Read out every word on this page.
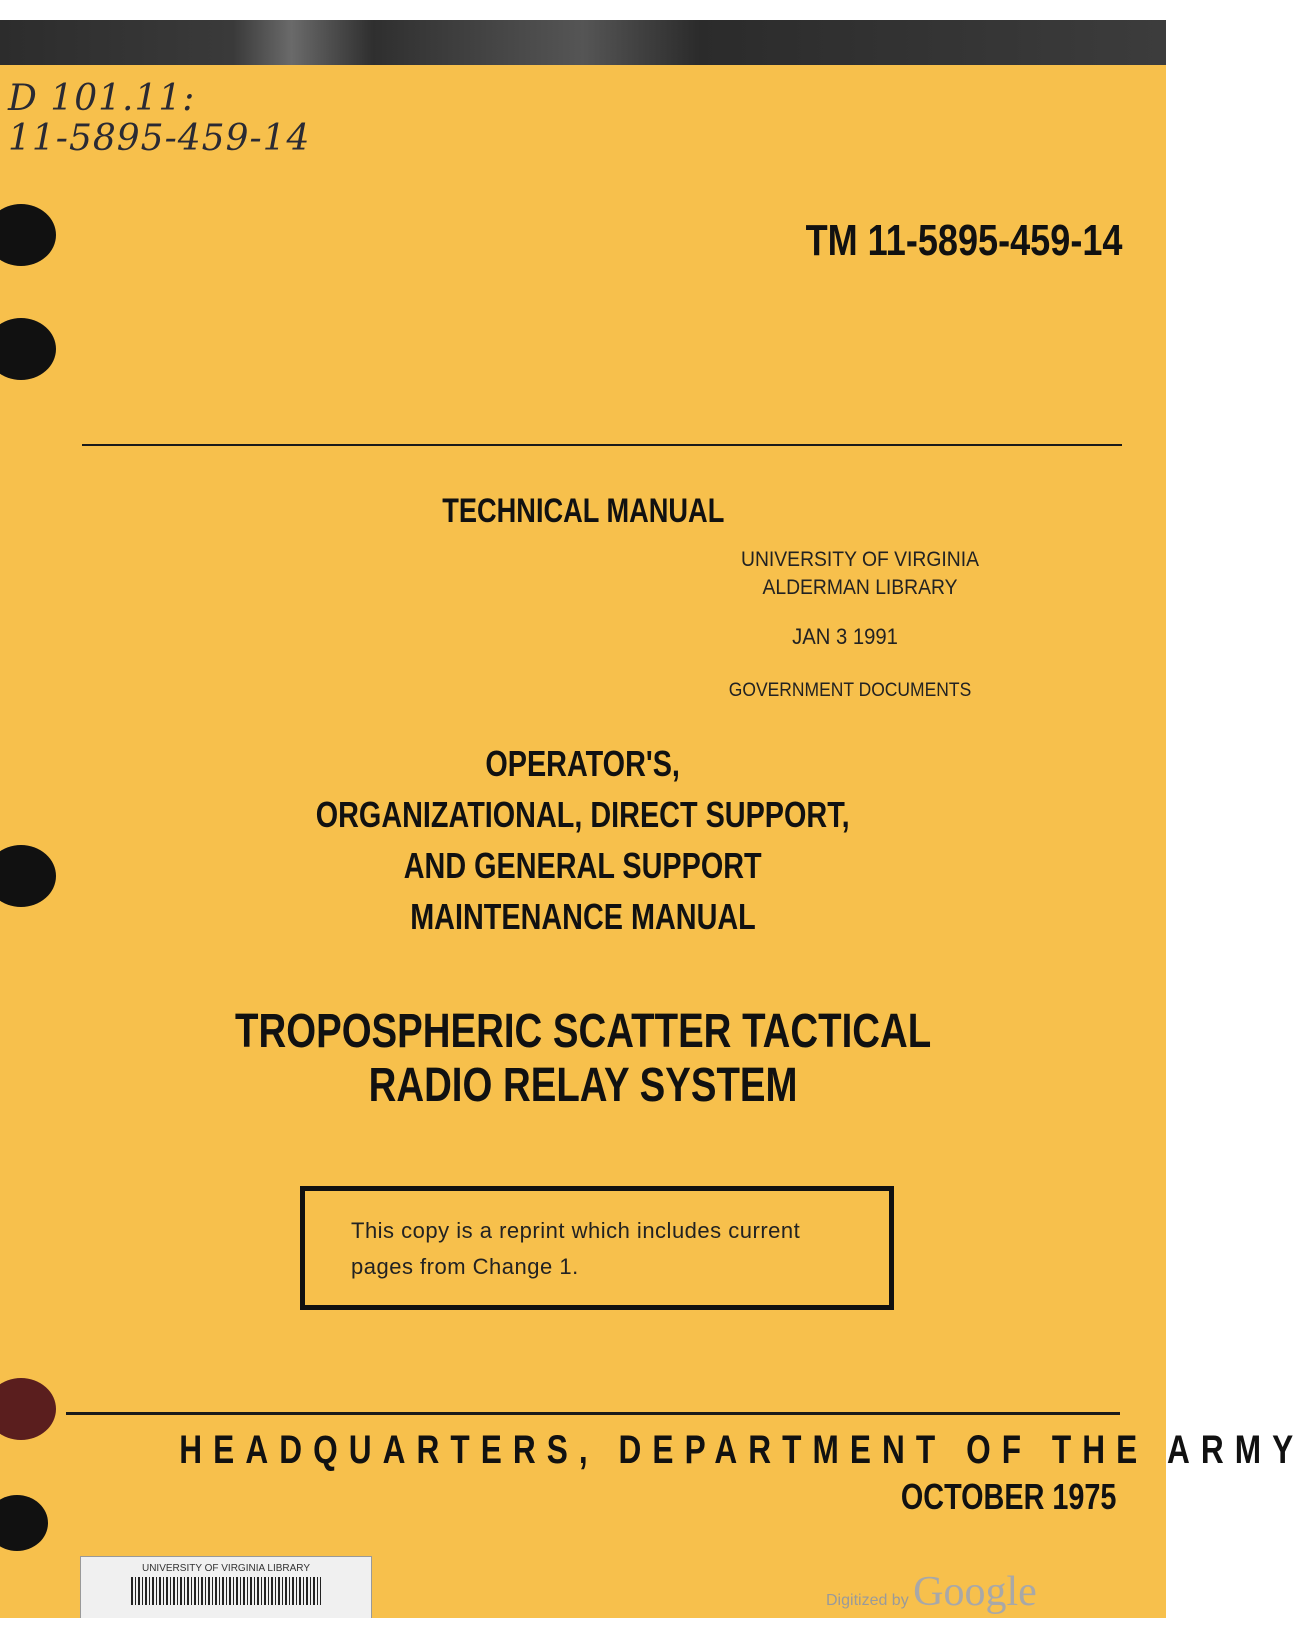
D 101.11:
11-5895-459-14
TM 11-5895-459-14
TECHNICAL MANUAL
UNIVERSITY OF VIRGINIA
ALDERMAN LIBRARY
JAN 3 1991
GOVERNMENT DOCUMENTS
OPERATOR'S,
ORGANIZATIONAL, DIRECT SUPPORT,
AND GENERAL SUPPORT
MAINTENANCE MANUAL
TROPOSPHERIC SCATTER TACTICAL
RADIO RELAY SYSTEM
This copy is a reprint which includes current
pages from Change 1.
HEADQUARTERS, DEPARTMENT OF THE ARMY
OCTOBER 1975
UNIVERSITY OF VIRGINIA LIBRARY
Digitized by Google
